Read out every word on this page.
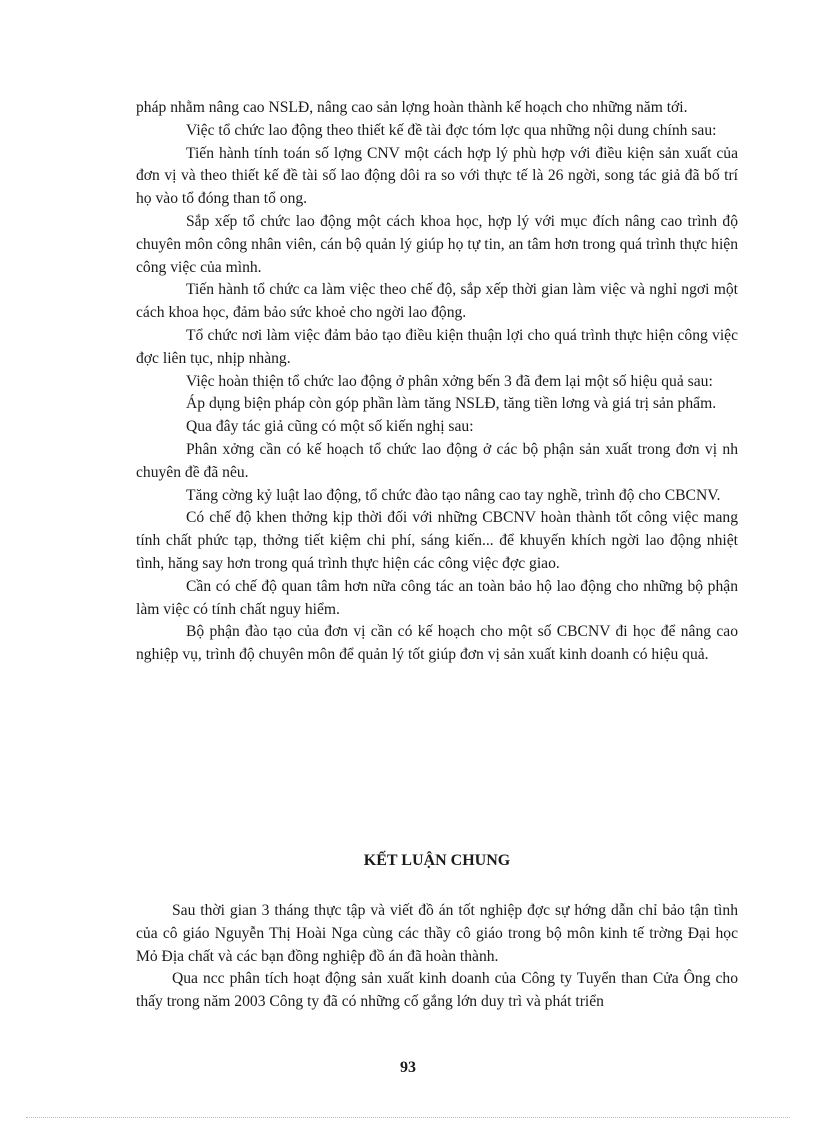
pháp nhằm nâng cao NSLĐ, nâng cao sản lợng hoàn thành kế hoạch cho những năm tới.

Việc tổ chức lao động theo thiết kế đề tài đợc tóm lợc qua những nội dung chính sau:

Tiến hành tính toán số lợng CNV một cách hợp lý phù hợp với điều kiện sản xuất của đơn vị và theo thiết kế đề tài số lao động dôi ra so với thực tế là 26 ngời, song tác giả đã bố trí họ vào tổ đóng than tổ ong.

Sắp xếp tổ chức lao động một cách khoa học, hợp lý với mục đích nâng cao trình độ chuyên môn công nhân viên, cán bộ quản lý giúp họ tự tin, an tâm hơn trong quá trình thực hiện công việc của mình.

Tiến hành tổ chức ca làm việc theo chế độ, sắp xếp thời gian làm việc và nghỉ ngơi một cách khoa học, đảm bảo sức khoẻ cho ngời lao động.

Tổ chức nơi làm việc đảm bảo tạo điều kiện thuận lợi cho quá trình thực hiện công việc đợc liên tục, nhịp nhàng.

Việc hoàn thiện tổ chức lao động ở phân xởng bến 3 đã đem lại một số hiệu quả sau:

Áp dụng biện pháp còn góp phần làm tăng NSLĐ, tăng tiền lơng và giá trị sản phẩm.

Qua đây tác giả cũng có một số kiến nghị sau:

Phân xởng cần có kế hoạch tổ chức lao động ở các bộ phận sản xuất trong đơn vị nh chuyên đề đã nêu.

Tăng cờng kỷ luật lao động, tổ chức đào tạo nâng cao tay nghề, trình độ cho CBCNV.

Có chế độ khen thởng kịp thời đối với những CBCNV hoàn thành tốt công việc mang tính chất phức tạp, thởng tiết kiệm chi phí, sáng kiến... để khuyến khích ngời lao động nhiệt tình, hăng say hơn trong quá trình thực hiện các công việc đợc giao.

Cần có chế độ quan tâm hơn nữa công tác an toàn bảo hộ lao động cho những bộ phận làm việc có tính chất nguy hiểm.

Bộ phận đào tạo của đơn vị cần có kế hoạch cho một số CBCNV đi học để nâng cao nghiệp vụ, trình độ chuyên môn để quản lý tốt giúp đơn vị sản xuất kinh doanh có hiệu quả.

KẾT LUẬN CHUNG

Sau thời gian 3 tháng thực tập và viết đồ án tốt nghiệp đợc sự hớng dẫn chỉ bảo tận tình của cô giáo Nguyễn Thị Hoài Nga cùng các thầy cô giáo trong bộ môn kinh tế trờng Đại học Mỏ Địa chất và các bạn đồng nghiệp đồ án đã hoàn thành.

Qua ncc phân tích hoạt động sản xuất kinh doanh của Công ty Tuyển than Cửa Ông cho thấy trong năm 2003 Công ty đã có những cố gắng lớn duy trì và phát triển

93
